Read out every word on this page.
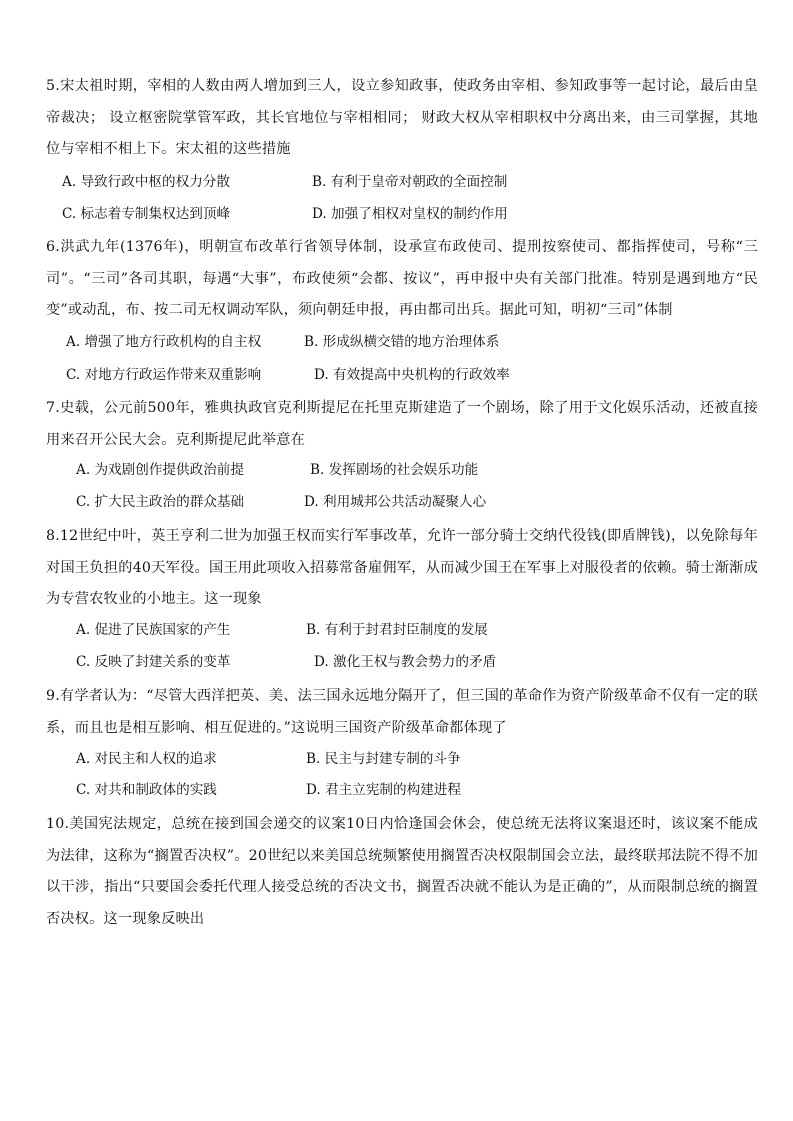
5.宋太祖时期，宰相的人数由两人增加到三人，设立参知政事，使政务由宰相、参知政事等一起讨论，最后由皇帝裁决； 设立枢密院掌管军政，其长官地位与宰相相同； 财政大权从宰相职权中分离出来，由三司掌握，其地位与宰相不相上下。宋太祖的这些措施
A. 导致行政中枢的权力分散	B. 有利于皇帝对朝政的全面控制
C. 标志着专制集权达到顶峰	D. 加强了相权对皇权的制约作用
6.洪武九年(1376年)，明朝宣布改革行省领导体制，设承宣布政使司、提刑按察使司、都指挥使司，号称“三司”。“三司”各司其职，每遇“大事”，布政使须“会都、按议”，再申报中央有关部门批准。特别是遇到地方“民变”或动乱，布、按二司无权调动军队，须向朝廷申报，再由都司出兵。据此可知，明初“三司”体制
A. 增强了地方行政机构的自主权	B. 形成纵横交错的地方治理体系
C. 对地方行政运作带来双重影响	D. 有效提高中央机构的行政效率
7.史载，公元前500年，雅典执政官克利斯提尼在托里克斯建造了一个剧场，除了用于文化娱乐活动，还被直接用来召开公民大会。克利斯提尼此举意在
A. 为戏剧创作提供政治前提	B. 发挥剧场的社会娱乐功能
C. 扩大民主政治的群众基础	D. 利用城邦公共活动凝聚人心
8.12世纪中叶，英王亨利二世为加强王权而实行军事改革，允许一部分骑士交纳代役钱(即盾牌钱)，以免除每年对国王负担的40天军役。国王用此项收入招募常备雇佣军，从而减少国王在军事上对服役者的依赖。骑士渐渐成为专营农牧业的小地主。这一现象
A. 促进了民族国家的产生	B. 有利于封君封臣制度的发展
C. 反映了封建关系的变革	D. 激化王权与教会势力的矛盾
9.有学者认为：“尽管大西洋把英、美、法三国永远地分隔开了，但三国的革命作为资产阶级革命不仅有一定的联系，而且也是相互影响、相互促进的。”这说明三国资产阶级革命都体现了
A. 对民主和人权的追求	B. 民主与封建专制的斗争
C. 对共和制政体的实践	D. 君主立宪制的构建进程
10.美国宪法规定，总统在接到国会递交的议案10日内恰逢国会休会，使总统无法将议案退还时，该议案不能成为法律，这称为“搁置否决权”。20世纪以来美国总统频繁使用搁置否决权限制国会立法，最终联邦法院不得不加以干涉，指出“只要国会委托代理人接受总统的否决文书，搁置否决就不能认为是正确的”，从而限制总统的搁置否决权。这一现象反映出
